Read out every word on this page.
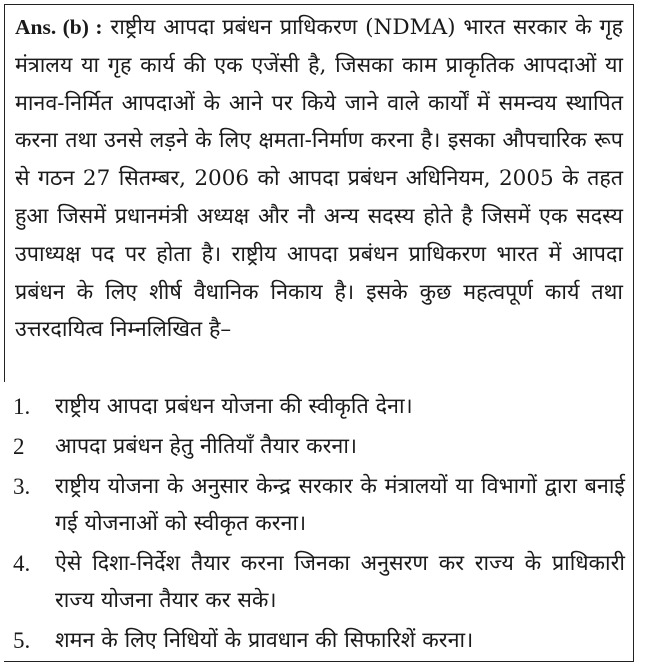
Ans. (b) : राष्ट्रीय आपदा प्रबंधन प्राधिकरण (NDMA) भारत सरकार के गृह मंत्रालय या गृह कार्य की एक एजेंसी है, जिसका काम प्राकृतिक आपदाओं या मानव-निर्मित आपदाओं के आने पर किये जाने वाले कार्यों में समन्वय स्थापित करना तथा उनसे लड़ने के लिए क्षमता-निर्माण करना है। इसका औपचारिक रूप से गठन 27 सितम्बर, 2006 को आपदा प्रबंधन अधिनियम, 2005 के तहत हुआ जिसमें प्रधानमंत्री अध्यक्ष और नौ अन्य सदस्य होते है जिसमें एक सदस्य उपाध्यक्ष पद पर होता है। राष्ट्रीय आपदा प्रबंधन प्राधिकरण भारत में आपदा प्रबंधन के लिए शीर्ष वैधानिक निकाय है। इसके कुछ महत्वपूर्ण कार्य तथा उत्तरदायित्व निम्नलिखित है–

1. राष्ट्रीय आपदा प्रबंधन योजना की स्वीकृति देना।
2 आपदा प्रबंधन हेतु नीतियाँ तैयार करना।
3. राष्ट्रीय योजना के अनुसार केन्द्र सरकार के मंत्रालयों या विभागों द्वारा बनाई गई योजनाओं को स्वीकृत करना।
4. ऐसे दिशा-निर्देश तैयार करना जिनका अनुसरण कर राज्य के प्राधिकारी राज्य योजना तैयार कर सके।
5. शमन के लिए निधियों के प्रावधान की सिफारिशें करना।
